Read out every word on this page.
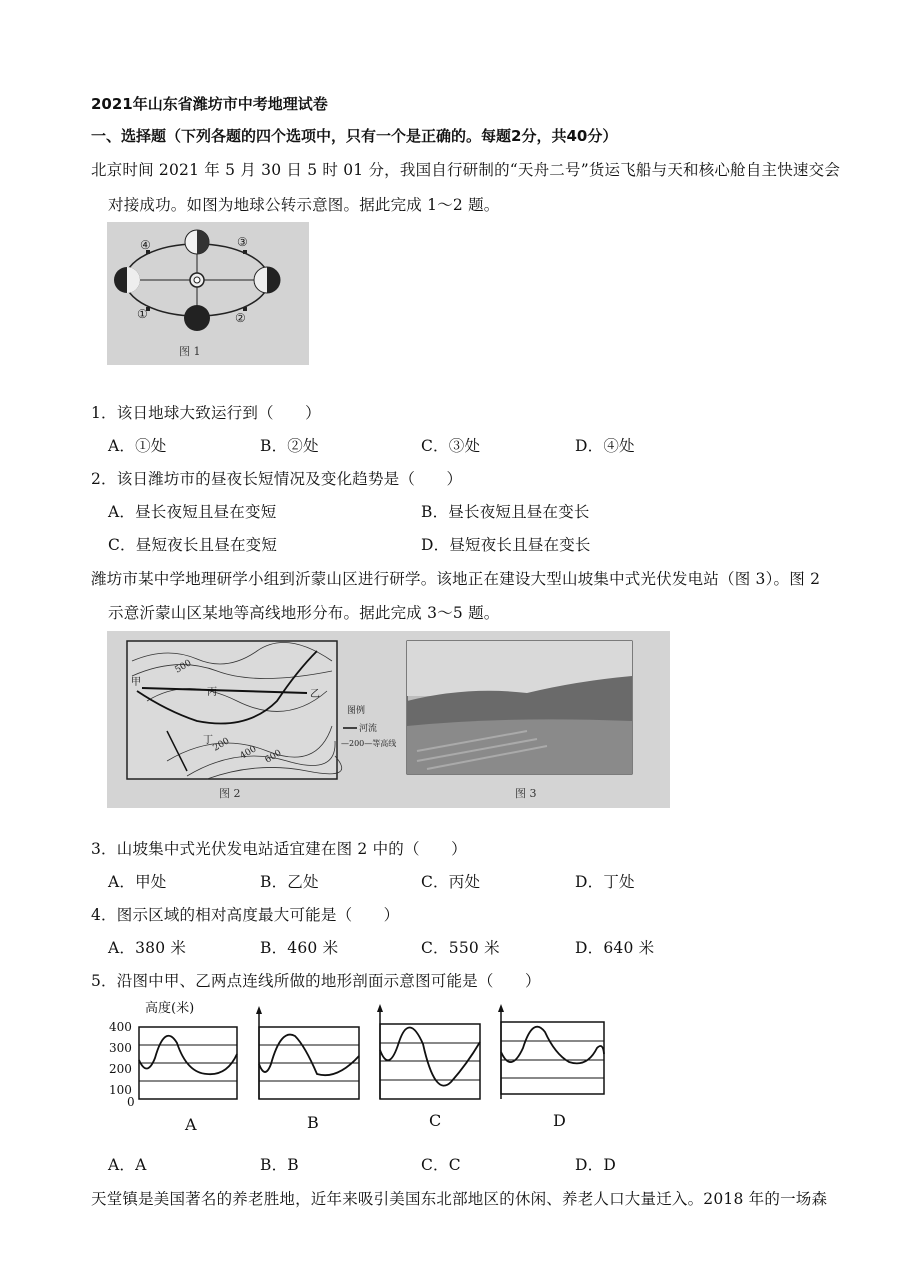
2021年山东省潍坊市中考地理试卷
一、选择题（下列各题的四个选项中，只有一个是正确的。每题2分，共40分）
北京时间 2021 年 5 月 30 日 5 时 01 分，我国自行研制的“天舟二号”货运飞船与天和核心舱自主快速交会
对接成功。如图为地球公转示意图。据此完成 1～2 题。
④	③
①	②
图 1
1．该日地球大致运行到（　　）
A．①处	B．②处	C．③处	D．④处
2．该日潍坊市的昼夜长短情况及变化趋势是（　　）
A．昼长夜短且昼在变短	B．昼长夜短且昼在变长
C．昼短夜长且昼在变短	D．昼短夜长且昼在变长
潍坊市某中学地理研学小组到沂蒙山区进行研学。该地正在建设大型山坡集中式光伏发电站（图 3）。图 2
示意沂蒙山区某地等高线地形分布。据此完成 3～5 题。
甲
乙
丙
丁
500
200 400 600
图例
河流
—200—等高线
图 2	图 3
3．山坡集中式光伏发电站适宜建在图 2 中的（　　）
A．甲处	B．乙处	C．丙处	D．丁处
4．图示区域的相对高度最大可能是（　　）
A．380 米	B．460 米	C．550 米	D．640 米
5．沿图中甲、乙两点连线所做的地形剖面示意图可能是（　　）
高度(米)
400
300
200
100
0
A	B	C	D
A．A	B．B	C．C	D．D
天堂镇是美国著名的养老胜地，近年来吸引美国东北部地区的休闲、养老人口大量迁入。2018 年的一场森
